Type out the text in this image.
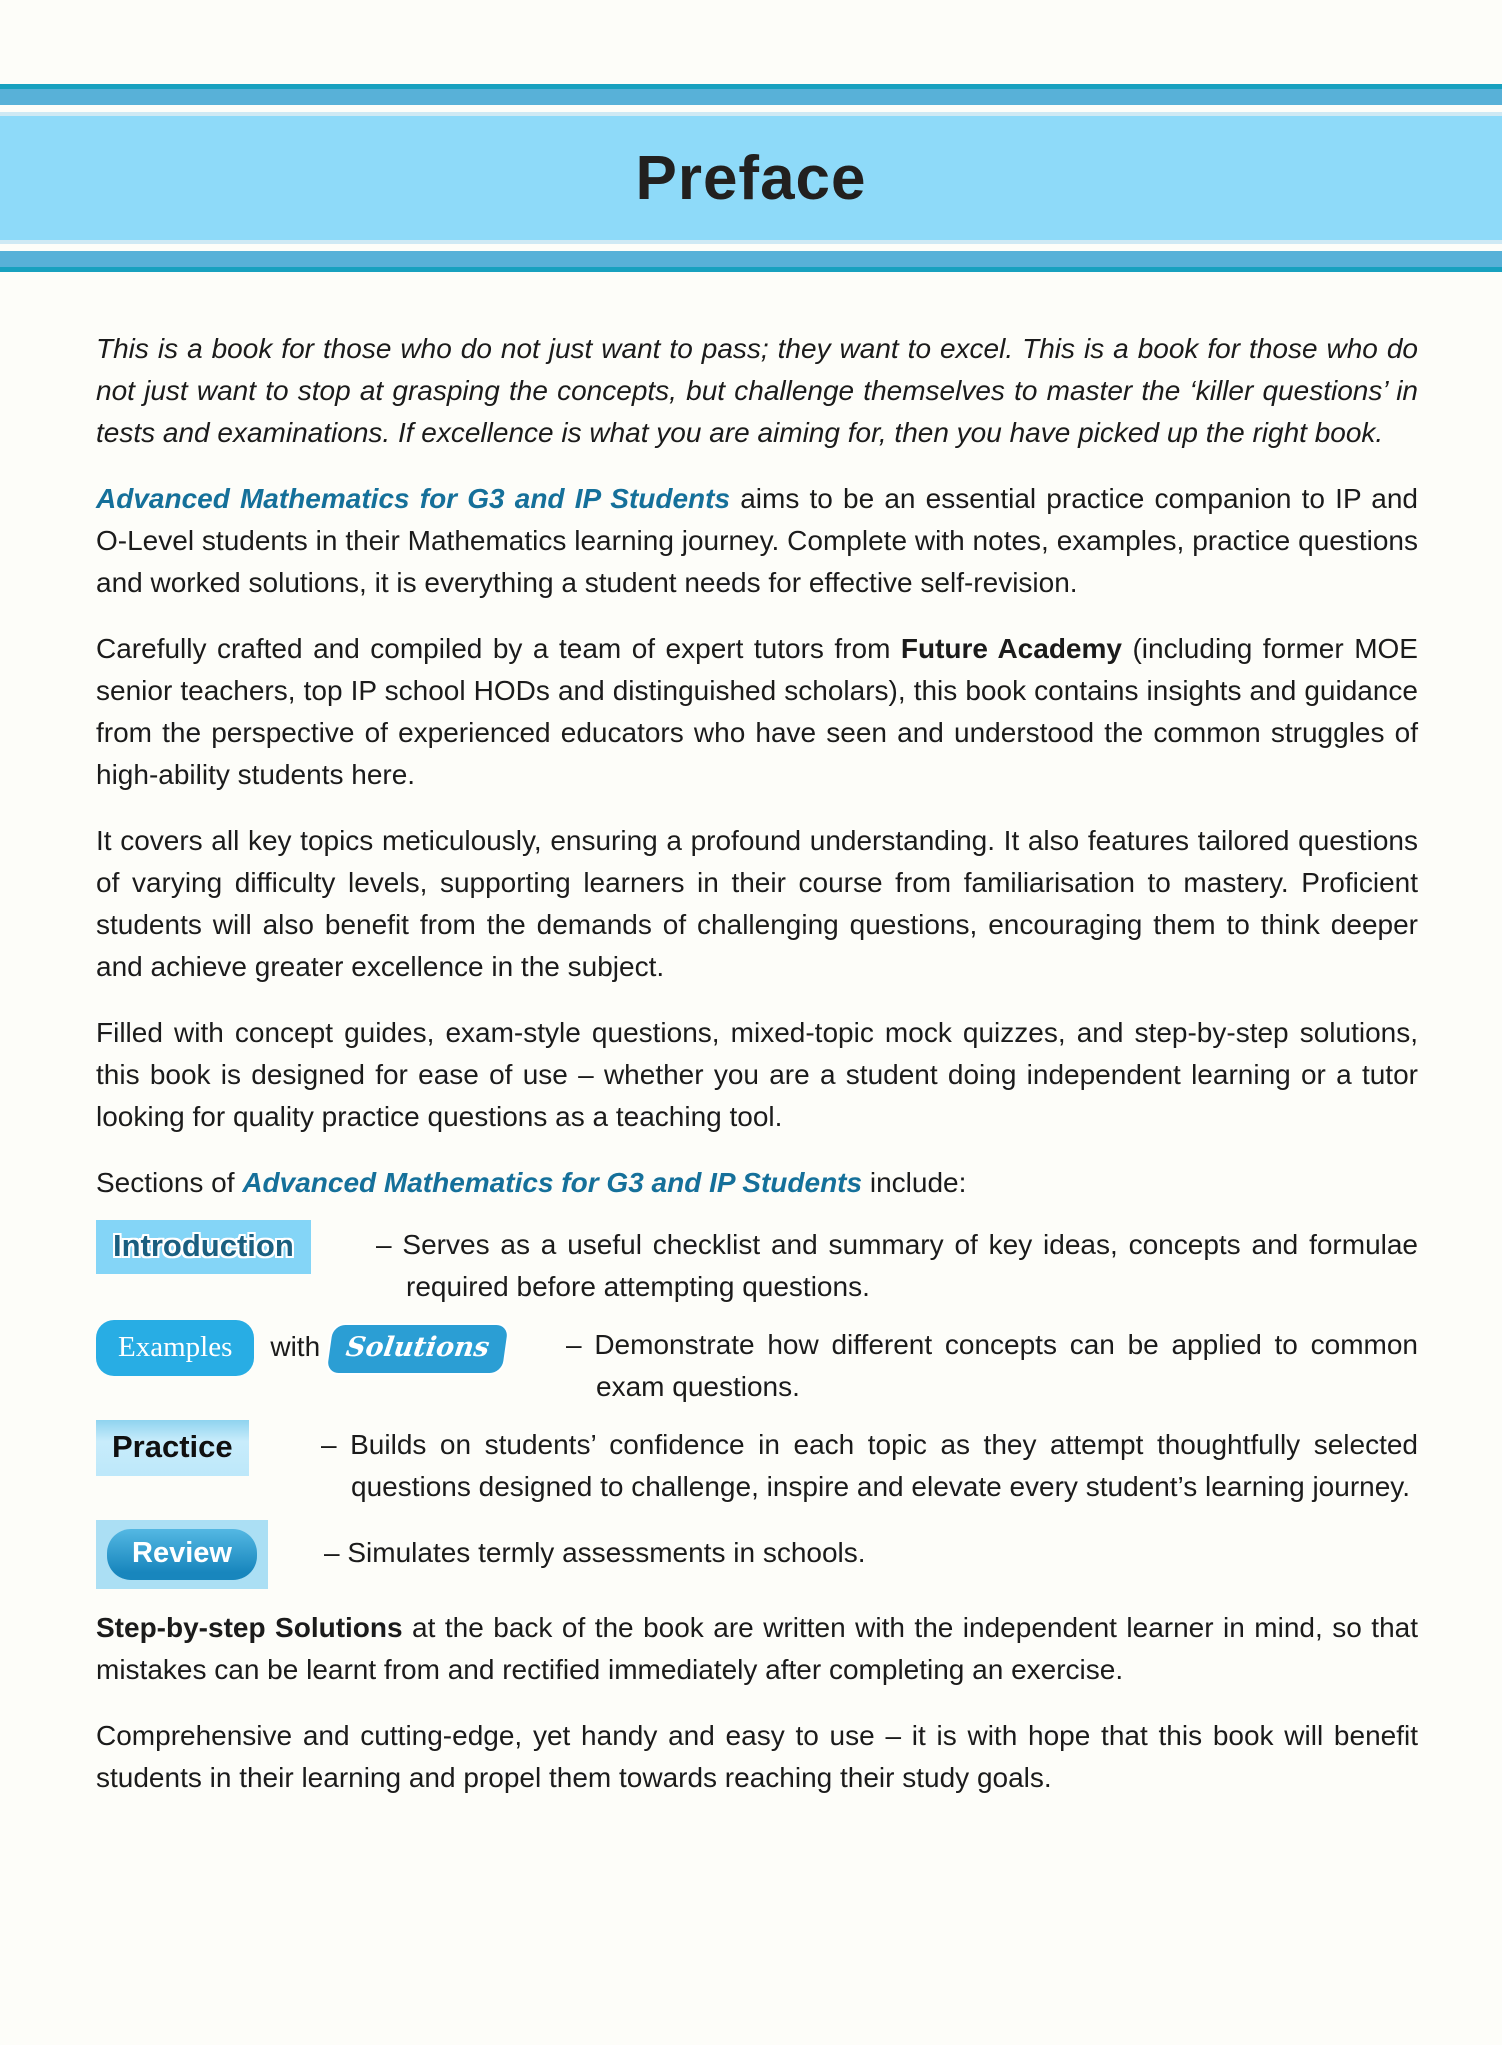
Preface

This is a book for those who do not just want to pass; they want to excel. This is a book for those who do not just want to stop at grasping the concepts, but challenge themselves to master the ‘killer questions’ in tests and examinations. If excellence is what you are aiming for, then you have picked up the right book.

Advanced Mathematics for G3 and IP Students aims to be an essential practice companion to IP and O-Level students in their Mathematics learning journey. Complete with notes, examples, practice questions and worked solutions, it is everything a student needs for effective self-revision.

Carefully crafted and compiled by a team of expert tutors from Future Academy (including former MOE senior teachers, top IP school HODs and distinguished scholars), this book contains insights and guidance from the perspective of experienced educators who have seen and understood the common struggles of high-ability students here.

It covers all key topics meticulously, ensuring a profound understanding. It also features tailored questions of varying difficulty levels, supporting learners in their course from familiarisation to mastery. Proficient students will also benefit from the demands of challenging questions, encouraging them to think deeper and achieve greater excellence in the subject.

Filled with concept guides, exam-style questions, mixed-topic mock quizzes, and step-by-step solutions, this book is designed for ease of use – whether you are a student doing independent learning or a tutor looking for quality practice questions as a teaching tool.

Sections of Advanced Mathematics for G3 and IP Students include:

Introduction	– Serves as a useful checklist and summary of key ideas, concepts and formulae required before attempting questions.

Examples with Solutions	– Demonstrate how different concepts can be applied to common exam questions.

Practice	– Builds on students’ confidence in each topic as they attempt thoughtfully selected questions designed to challenge, inspire and elevate every student’s learning journey.

Review	– Simulates termly assessments in schools.

Step-by-step Solutions at the back of the book are written with the independent learner in mind, so that mistakes can be learnt from and rectified immediately after completing an exercise.

Comprehensive and cutting-edge, yet handy and easy to use – it is with hope that this book will benefit students in their learning and propel them towards reaching their study goals.
